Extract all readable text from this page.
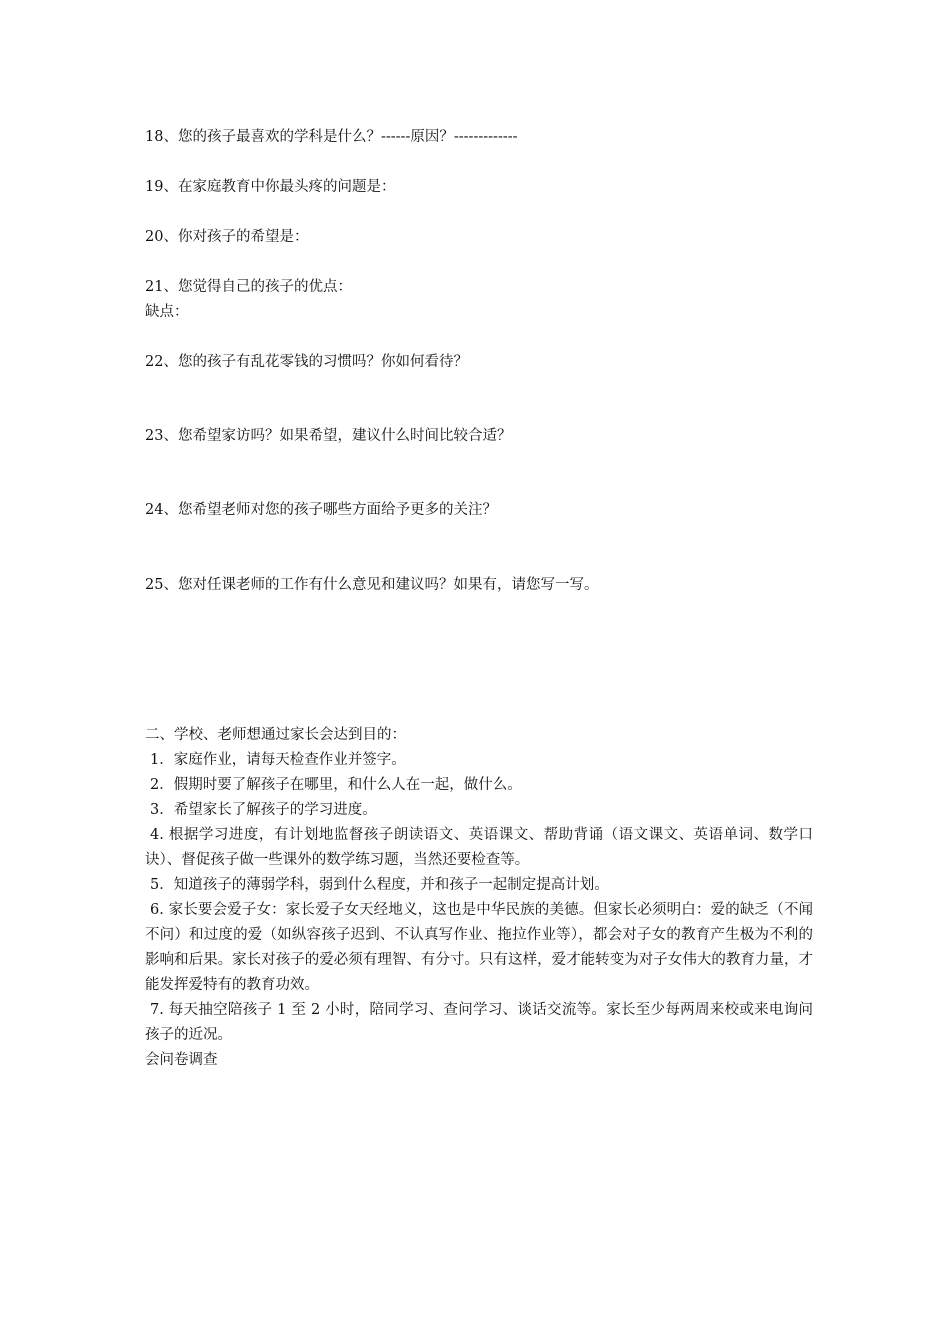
18、您的孩子最喜欢的学科是什么？------原因？-------------
19、在家庭教育中你最头疼的问题是：
20、你对孩子的希望是：
21、您觉得自己的孩子的优点：
缺点：
22、您的孩子有乱花零钱的习惯吗？你如何看待？
23、您希望家访吗？如果希望，建议什么时间比较合适？
24、您希望老师对您的孩子哪些方面给予更多的关注？
25、您对任课老师的工作有什么意见和建议吗？如果有，请您写一写。
二、学校、老师想通过家长会达到目的：
1．家庭作业，请每天检查作业并签字。
2．假期时要了解孩子在哪里，和什么人在一起，做什么。
3．希望家长了解孩子的学习进度。
4. 根据学习进度，有计划地监督孩子朗读语文、英语课文、帮助背诵（语文课文、英语单词、数学口诀）、督促孩子做一些课外的数学练习题，当然还要检查等。
5．知道孩子的薄弱学科，弱到什么程度，并和孩子一起制定提高计划。
6. 家长要会爱子女：家长爱子女天经地义，这也是中华民族的美德。但家长必须明白：爱的缺乏（不闻不问）和过度的爱（如纵容孩子迟到、不认真写作业、拖拉作业等），都会对子女的教育产生极为不利的影响和后果。家长对孩子的爱必须有理智、有分寸。只有这样，爱才能转变为对子女伟大的教育力量，才能发挥爱特有的教育功效。
7. 每天抽空陪孩子 1 至 2 小时，陪同学习、查问学习、谈话交流等。家长至少每两周来校或来电询问孩子的近况。
会问卷调查
